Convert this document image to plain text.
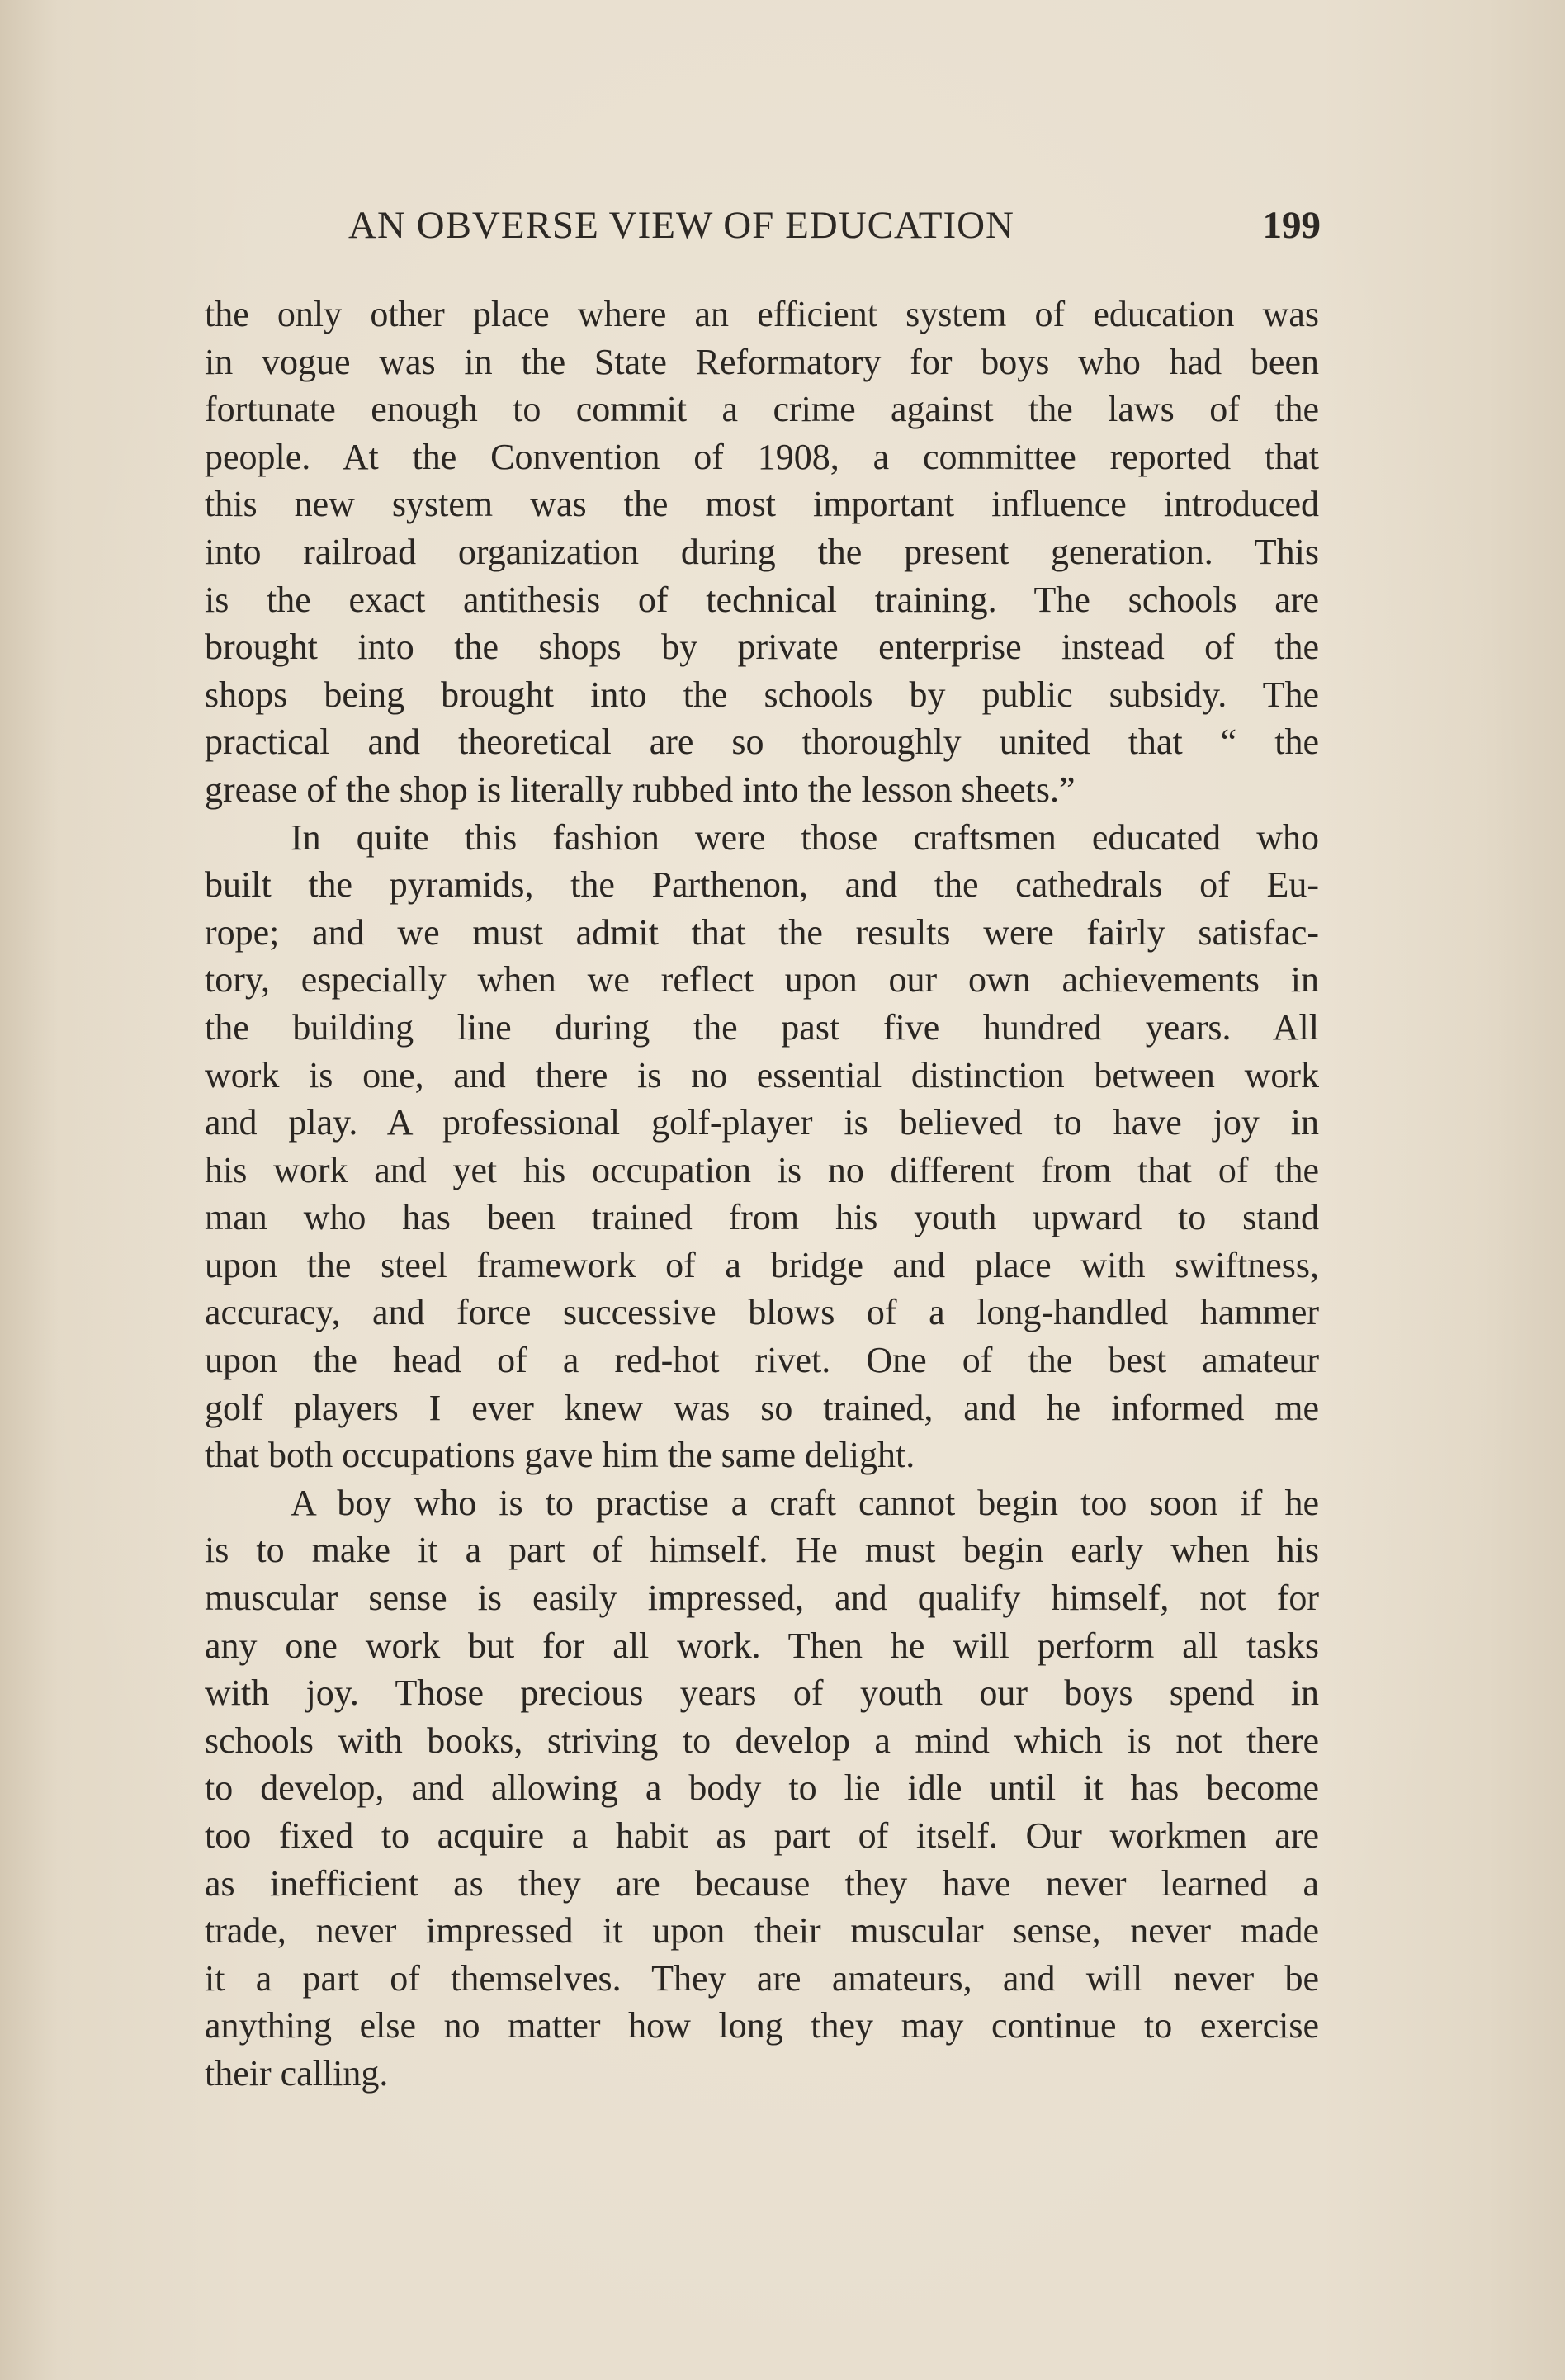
AN OBVERSE VIEW OF EDUCATION	199
the only other place where an efficient system of education was
in vogue was in the State Reformatory for boys who had been
fortunate enough to commit a crime against the laws of the
people. At the Convention of 1908, a committee reported that
this new system was the most important influence introduced
into railroad organization during the present generation. This
is the exact antithesis of technical training. The schools are
brought into the shops by private enterprise instead of the
shops being brought into the schools by public subsidy. The
practical and theoretical are so thoroughly united that “ the
grease of the shop is literally rubbed into the lesson sheets.”
In quite this fashion were those craftsmen educated who
built the pyramids, the Parthenon, and the cathedrals of Eu-
rope; and we must admit that the results were fairly satisfac-
tory, especially when we reflect upon our own achievements in
the building line during the past five hundred years. All
work is one, and there is no essential distinction between work
and play. A professional golf-player is believed to have joy in
his work and yet his occupation is no different from that of the
man who has been trained from his youth upward to stand
upon the steel framework of a bridge and place with swiftness,
accuracy, and force successive blows of a long-handled hammer
upon the head of a red-hot rivet. One of the best amateur
golf players I ever knew was so trained, and he informed me
that both occupations gave him the same delight.
A boy who is to practise a craft cannot begin too soon if he
is to make it a part of himself. He must begin early when his
muscular sense is easily impressed, and qualify himself, not for
any one work but for all work. Then he will perform all tasks
with joy. Those precious years of youth our boys spend in
schools with books, striving to develop a mind which is not there
to develop, and allowing a body to lie idle until it has become
too fixed to acquire a habit as part of itself. Our workmen are
as inefficient as they are because they have never learned a
trade, never impressed it upon their muscular sense, never made
it a part of themselves. They are amateurs, and will never be
anything else no matter how long they may continue to exercise
their calling.
